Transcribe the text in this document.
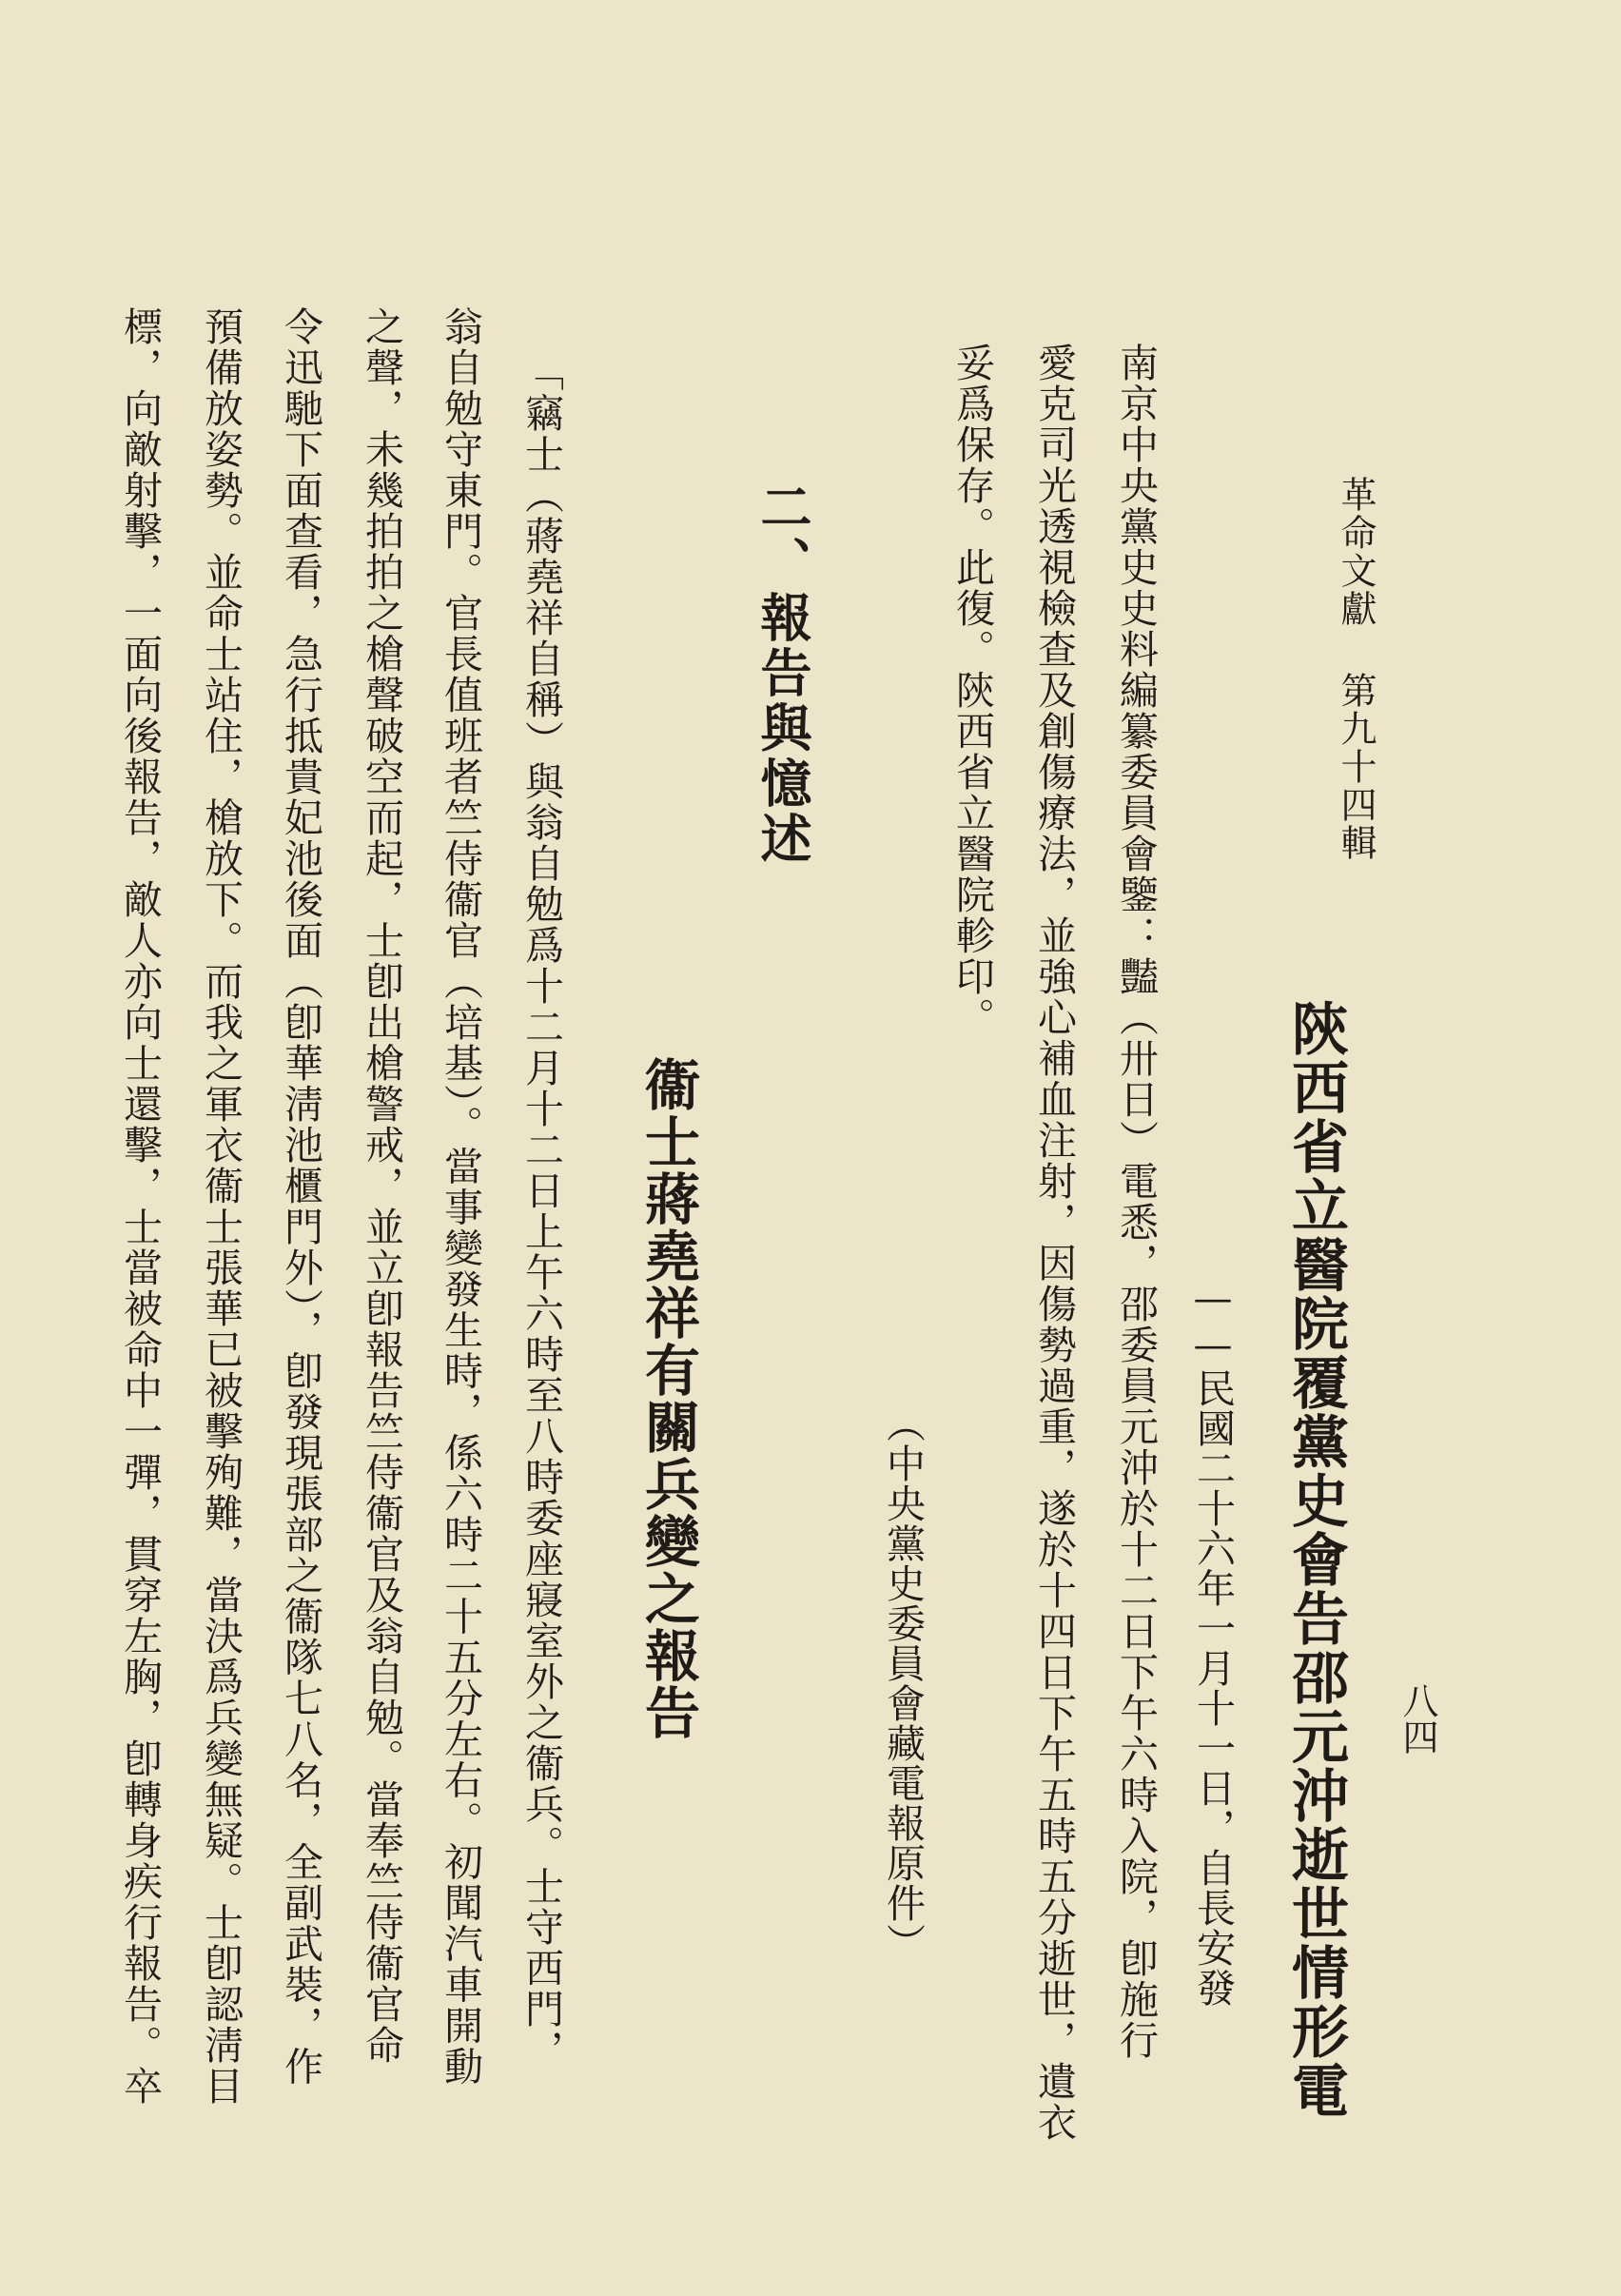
革命文獻 第九十四輯
八四
陝西省立醫院覆黨史會告邵元沖逝世情形電
——民國二十六年一月十一日，自長安發
南京中央黨史史料編纂委員會鑒：豔（卅日）電悉，邵委員元沖於十二日下午六時入院，卽施行
愛克司光透視檢查及創傷療法，並強心補血注射，因傷勢過重，遂於十四日下午五時五分逝世，遺衣
妥爲保存。此復。陝西省立醫院軫印。
（中央黨史委員會藏電報原件）
二、報告與憶述
衞士蔣堯祥有關兵變之報告
「竊士（蔣堯祥自稱）與翁自勉爲十二月十二日上午六時至八時委座寢室外之衞兵。士守西門，
翁自勉守東門。官長值班者竺侍衞官（培基）。當事變發生時，係六時二十五分左右。初聞汽車開動
之聲，未幾拍拍之槍聲破空而起，士卽出槍警戒，並立卽報告竺侍衞官及翁自勉。當奉竺侍衞官命
令迅馳下面查看，急行抵貴妃池後面（卽華淸池櫃門外），卽發現張部之衞隊七八名，全副武裝，作
預備放姿勢。並命士站住，槍放下。而我之軍衣衞士張華已被擊殉難，當決爲兵變無疑。士卽認淸目
標，向敵射擊，一面向後報告，敵人亦向士還擊，士當被命中一彈，貫穿左胸，卽轉身疾行報告。卒
